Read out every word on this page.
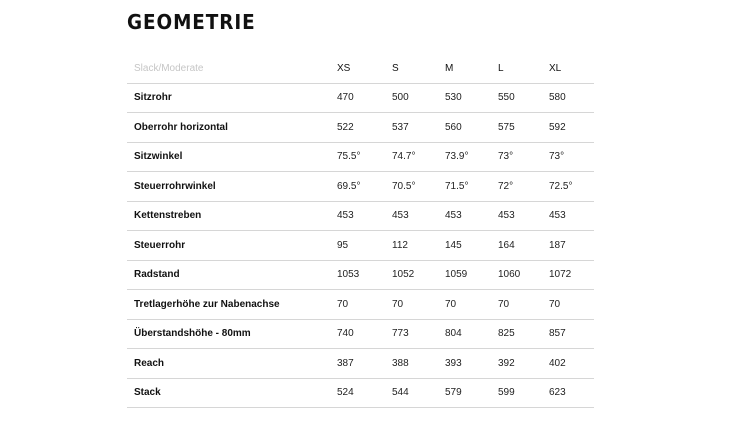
GEOMETRIE
Slack/Moderate	XS	S	M	L	XL
Sitzrohr	470	500	530	550	580
Oberrohr horizontal	522	537	560	575	592
Sitzwinkel	75.5°	74.7°	73.9°	73°	73°
Steuerrohrwinkel	69.5°	70.5°	71.5°	72°	72.5°
Kettenstreben	453	453	453	453	453
Steuerrohr	95	112	145	164	187
Radstand	1053	1052	1059	1060	1072
Tretlagerhöhe zur Nabenachse	70	70	70	70	70
Überstandshöhe - 80mm	740	773	804	825	857
Reach	387	388	393	392	402
Stack	524	544	579	599	623
